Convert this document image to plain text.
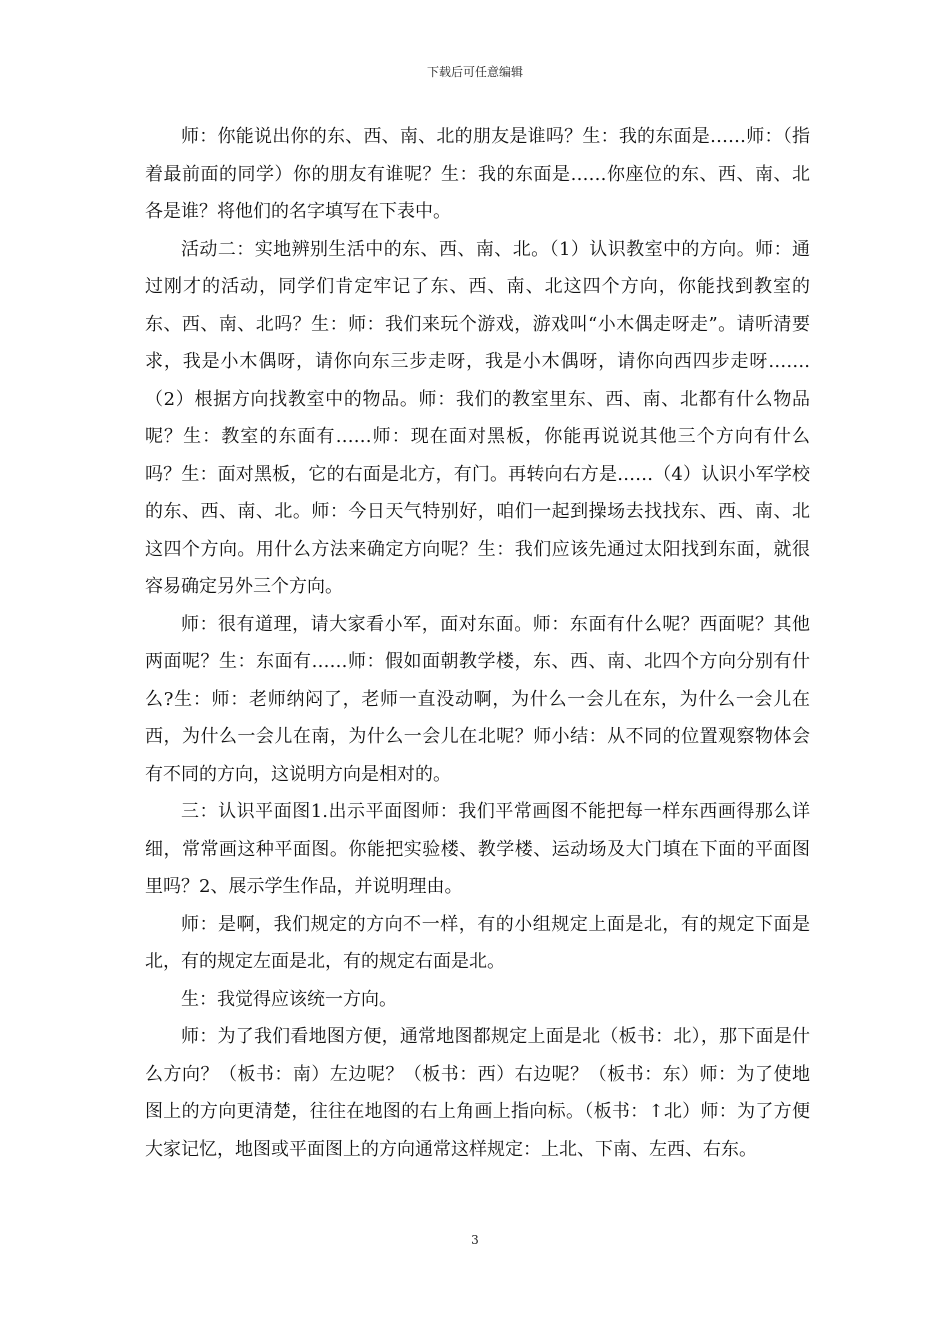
下载后可任意编辑

师：你能说出你的东、西、南、北的朋友是谁吗？生：我的东面是……师：（指着最前面的同学）你的朋友有谁呢？生：我的东面是……你座位的东、西、南、北各是谁？将他们的名字填写在下表中。

活动二：实地辨别生活中的东、西、南、北。（1）认识教室中的方向。师：通过刚才的活动，同学们肯定牢记了东、西、南、北这四个方向，你能找到教室的东、西、南、北吗？生：师：我们来玩个游戏，游戏叫“小木偶走呀走”。请听清要求，我是小木偶呀，请你向东三步走呀，我是小木偶呀，请你向西四步走呀…….（2）根据方向找教室中的物品。师：我们的教室里东、西、南、北都有什么物品呢？生：教室的东面有……师：现在面对黑板，你能再说说其他三个方向有什么吗？生：面对黑板，它的右面是北方，有门。再转向右方是……（4）认识小军学校的东、西、南、北。师：今日天气特别好，咱们一起到操场去找找东、西、南、北这四个方向。用什么方法来确定方向呢？生：我们应该先通过太阳找到东面，就很容易确定另外三个方向。

师：很有道理，请大家看小军，面对东面。师：东面有什么呢？西面呢？其他两面呢？生：东面有……师：假如面朝教学楼，东、西、南、北四个方向分别有什么?生：师：老师纳闷了，老师一直没动啊，为什么一会儿在东，为什么一会儿在西，为什么一会儿在南，为什么一会儿在北呢？师小结：从不同的位置观察物体会有不同的方向，这说明方向是相对的。

三：认识平面图1.出示平面图师：我们平常画图不能把每一样东西画得那么详细，常常画这种平面图。你能把实验楼、教学楼、运动场及大门填在下面的平面图里吗？2、展示学生作品，并说明理由。

师：是啊，我们规定的方向不一样，有的小组规定上面是北，有的规定下面是北，有的规定左面是北，有的规定右面是北。

生：我觉得应该统一方向。

师：为了我们看地图方便，通常地图都规定上面是北（板书：北），那下面是什么方向？（板书：南）左边呢？（板书：西）右边呢？（板书：东）师：为了使地图上的方向更清楚，往往在地图的右上角画上指向标。（板书：↑北）师：为了方便大家记忆，地图或平面图上的方向通常这样规定：上北、下南、左西、右东。

3
